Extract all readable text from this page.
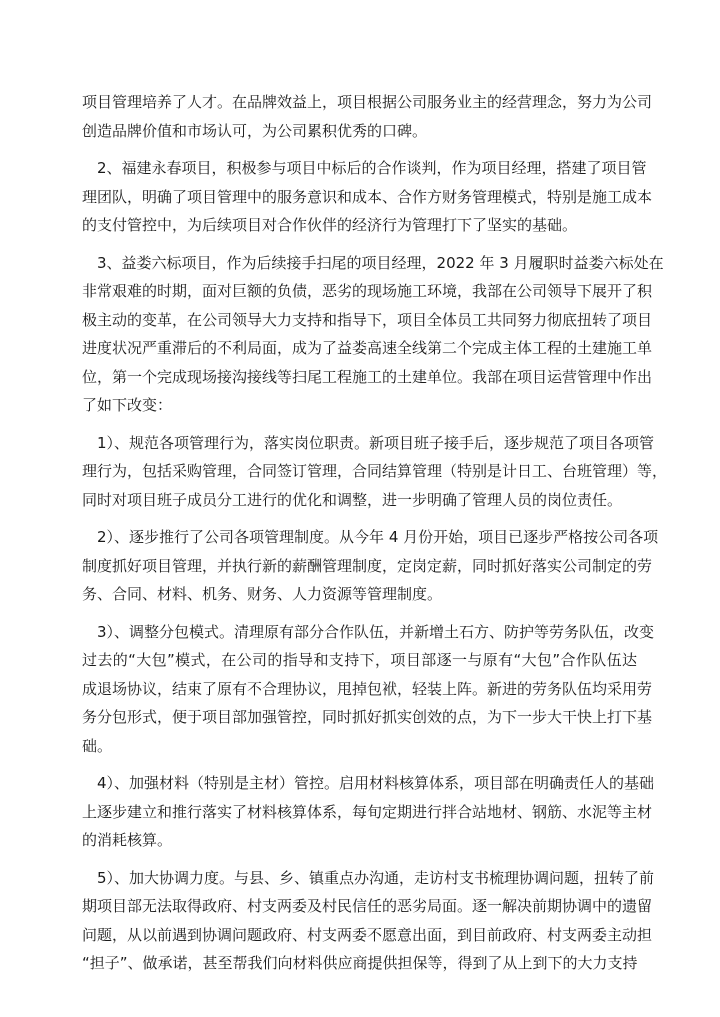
项目管理培养了人才。在品牌效益上，项目根据公司服务业主的经营理念，努力为公司
创造品牌价值和市场认可，为公司累积优秀的口碑。
2、福建永春项目，积极参与项目中标后的合作谈判，作为项目经理，搭建了项目管
理团队，明确了项目管理中的服务意识和成本、合作方财务管理模式，特别是施工成本
的支付管控中，为后续项目对合作伙伴的经济行为管理打下了坚实的基础。
3、益娄六标项目，作为后续接手扫尾的项目经理，2022 年 3 月履职时益娄六标处在
非常艰难的时期，面对巨额的负债，恶劣的现场施工环境，我部在公司领导下展开了积
极主动的变革，在公司领导大力支持和指导下，项目全体员工共同努力彻底扭转了项目
进度状况严重滞后的不利局面，成为了益娄高速全线第二个完成主体工程的土建施工单
位，第一个完成现场接沟接线等扫尾工程施工的土建单位。我部在项目运营管理中作出
了如下改变：
1）、规范各项管理行为，落实岗位职责。新项目班子接手后，逐步规范了项目各项管
理行为，包括采购管理，合同签订管理，合同结算管理（特别是计日工、台班管理）等，
同时对项目班子成员分工进行的优化和调整，进一步明确了管理人员的岗位责任。
2）、逐步推行了公司各项管理制度。从今年 4 月份开始，项目已逐步严格按公司各项
制度抓好项目管理，并执行新的薪酬管理制度，定岗定薪，同时抓好落实公司制定的劳
务、合同、材料、机务、财务、人力资源等管理制度。
3）、调整分包模式。清理原有部分合作队伍，并新增土石方、防护等劳务队伍，改变
过去的“大包”模式，在公司的指导和支持下，项目部逐一与原有“大包”合作队伍达
成退场协议，结束了原有不合理协议，甩掉包袱，轻装上阵。新进的劳务队伍均采用劳
务分包形式，便于项目部加强管控，同时抓好抓实创效的点，为下一步大干快上打下基
础。
4）、加强材料（特别是主材）管控。启用材料核算体系，项目部在明确责任人的基础
上逐步建立和推行落实了材料核算体系，每旬定期进行拌合站地材、钢筋、水泥等主材
的消耗核算。
5）、加大协调力度。与县、乡、镇重点办沟通，走访村支书梳理协调问题，扭转了前
期项目部无法取得政府、村支两委及村民信任的恶劣局面。逐一解决前期协调中的遗留
问题，从以前遇到协调问题政府、村支两委不愿意出面，到目前政府、村支两委主动担
“担子”、做承诺，甚至帮我们向材料供应商提供担保等，得到了从上到下的大力支持
